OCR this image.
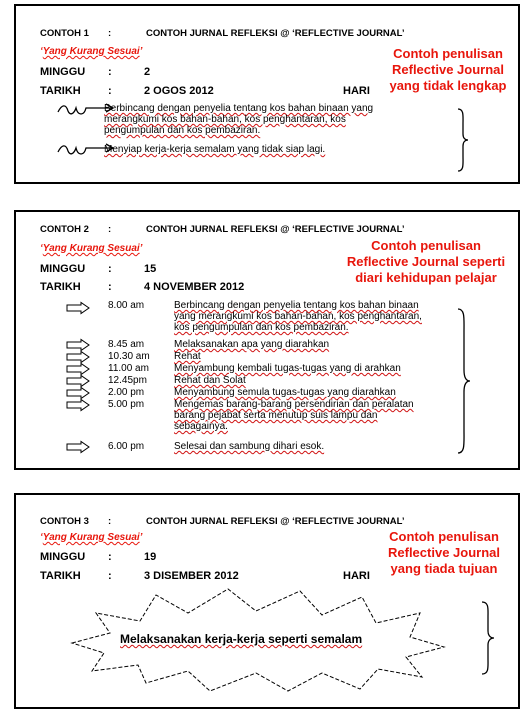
CONTOH 1 :	CONTOH JURNAL REFLEKSI @ ‘REFLECTIVE JOURNAL’
‘Yang Kurang Sesuai’
MINGGU :	2
TARIKH :	2 OGOS 2012	HARI
Contoh penulisan Reflective Journal yang tidak lengkap
Berbincang dengan penyelia tentang kos bahan binaan yang merangkumi kos bahan-bahan, kos penghantaran, kos pengumpulan dan kos pembaziran.
Menyiap kerja-kerja semalam yang tidak siap lagi.
CONTOH 2 :	CONTOH JURNAL REFLEKSI @ ‘REFLECTIVE JOURNAL’
‘Yang Kurang Sesuai’
MINGGU :	15
TARIKH :	4 NOVEMBER 2012
Contoh penulisan Reflective Journal seperti diari kehidupan pelajar
8.00 am	Berbincang dengan penyelia tentang kos bahan binaan yang merangkumi kos bahan-bahan, kos penghantaran, kos pengumpulan dan kos pembaziran.
8.45 am	Melaksanakan apa yang diarahkan
10.30 am Rehat
11.00 am	Menyambung kembali tugas-tugas yang di arahkan
12.45pm	Rehat dan Solat
2.00 pm	Menyambung semula tugas-tugas yang diarahkan
5.00 pm	Mengemas barang-barang persendirian dan peralatan barang pejabat serta menutup suis lampu dan sebagainya.
6.00 pm	Selesai dan sambung dihari esok.
CONTOH 3 :	CONTOH JURNAL REFLEKSI @ ‘REFLECTIVE JOURNAL’
‘Yang Kurang Sesuai’
MINGGU :	19
TARIKH :	3 DISEMBER 2012	HARI
Contoh penulisan Reflective Journal yang tiada tujuan
Melaksanakan kerja-kerja seperti semalam
